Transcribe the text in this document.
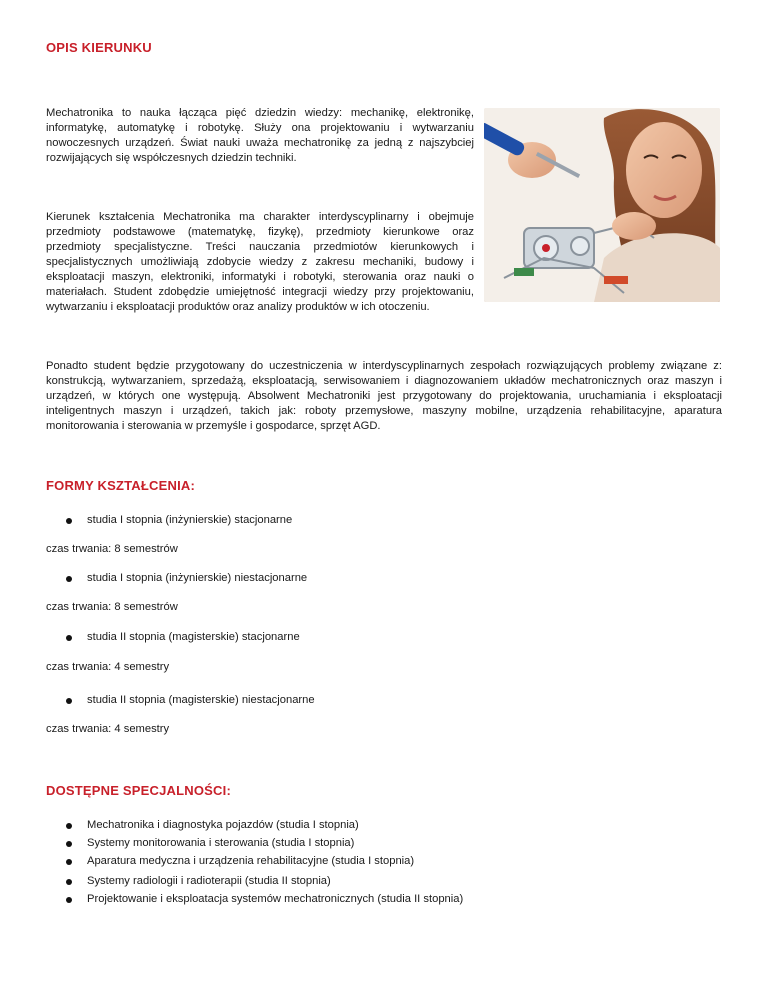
OPIS KIERUNKU

Mechatronika to nauka łącząca pięć dziedzin wiedzy: mechanikę, elektronikę, informatykę, automatykę i robotykę. Służy ona projektowaniu i wytwarzaniu nowoczesnych urządzeń. Świat nauki uważa mechatronikę za jedną z najszybciej rozwijających się współczesnych dziedzin techniki.

Kierunek kształcenia Mechatronika ma charakter interdyscyplinarny i obejmuje przedmioty podstawowe (matematykę, fizykę), przedmioty kierunkowe oraz przedmioty specjalistyczne. Treści nauczania przedmiotów kierunkowych i specjalistycznych umożliwiają zdobycie wiedzy z zakresu mechaniki, budowy i eksploatacji maszyn, elektroniki, informatyki i robotyki, sterowania oraz nauki o materiałach. Student zdobędzie umiejętność integracji wiedzy przy projektowaniu, wytwarzaniu i eksploatacji produktów oraz analizy produktów w ich otoczeniu.

Ponadto student będzie przygotowany do uczestniczenia w interdyscyplinarnych zespołach rozwiązujących problemy związane z: konstrukcją, wytwarzaniem, sprzedażą, eksploatacją, serwisowaniem i diagnozowaniem układów mechatronicznych oraz maszyn i urządzeń, w których one występują. Absolwent Mechatroniki jest przygotowany do projektowania, uruchamiania i eksploatacji inteligentnych maszyn i urządzeń, takich jak: roboty przemysłowe, maszyny mobilne, urządzenia rehabilitacyjne, aparatura monitorowania i sterowania w przemyśle i gospodarce, sprzęt AGD.

FORMY KSZTAŁCENIA:
studia I stopnia (inżynierskie) stacjonarne
czas trwania: 8 semestrów
studia I stopnia (inżynierskie) niestacjonarne
czas trwania: 8 semestrów
studia II stopnia (magisterskie) stacjonarne
czas trwania: 4 semestry
studia II stopnia (magisterskie) niestacjonarne
czas trwania: 4 semestry
DOSTĘPNE SPECJALNOŚCI:
Mechatronika i diagnostyka pojazdów (studia I stopnia)
Systemy monitorowania i sterowania (studia I stopnia)
Aparatura medyczna i urządzenia rehabilitacyjne (studia I stopnia)
Systemy radiologii i radioterapii (studia II stopnia)
Projektowanie i eksploatacja systemów mechatronicznych (studia II stopnia)
